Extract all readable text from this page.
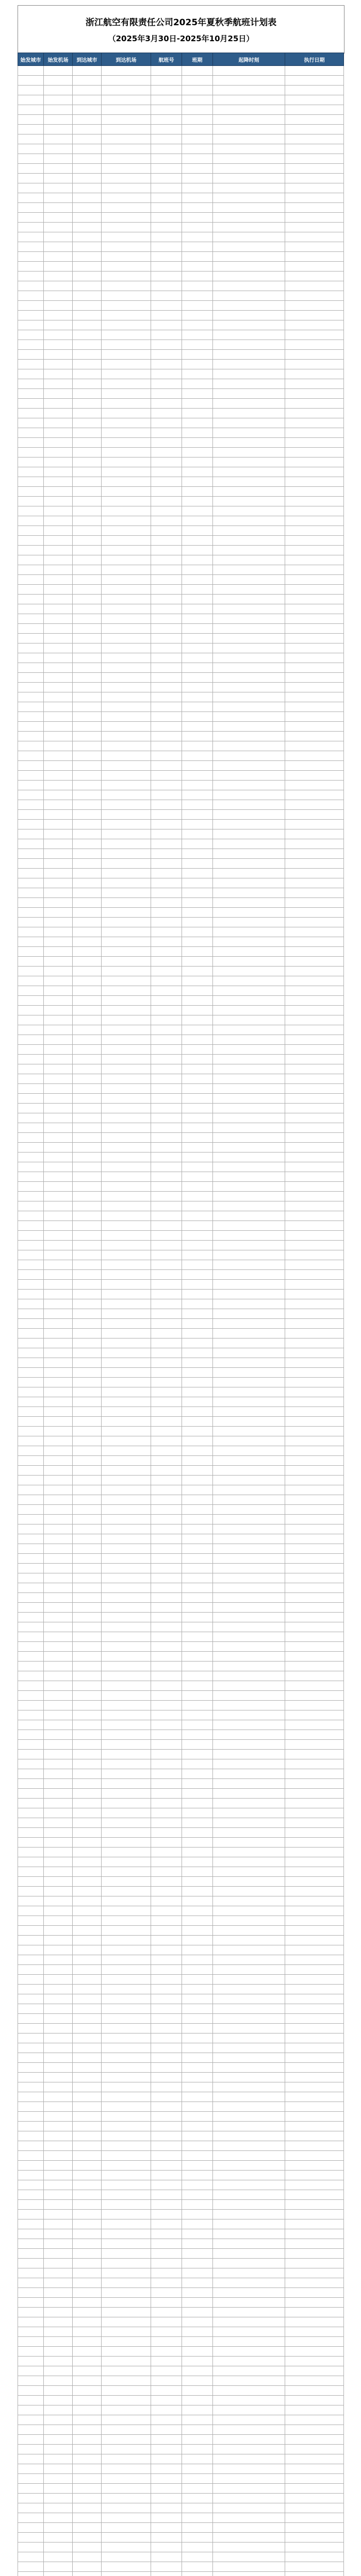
浙江航空有限责任公司2025年夏秋季航班计划表
（2025年3月30日-2025年10月25日）
始发城市	始发机场	到达城市	到达机场	航班号	班期	起降时刻	执行日期
